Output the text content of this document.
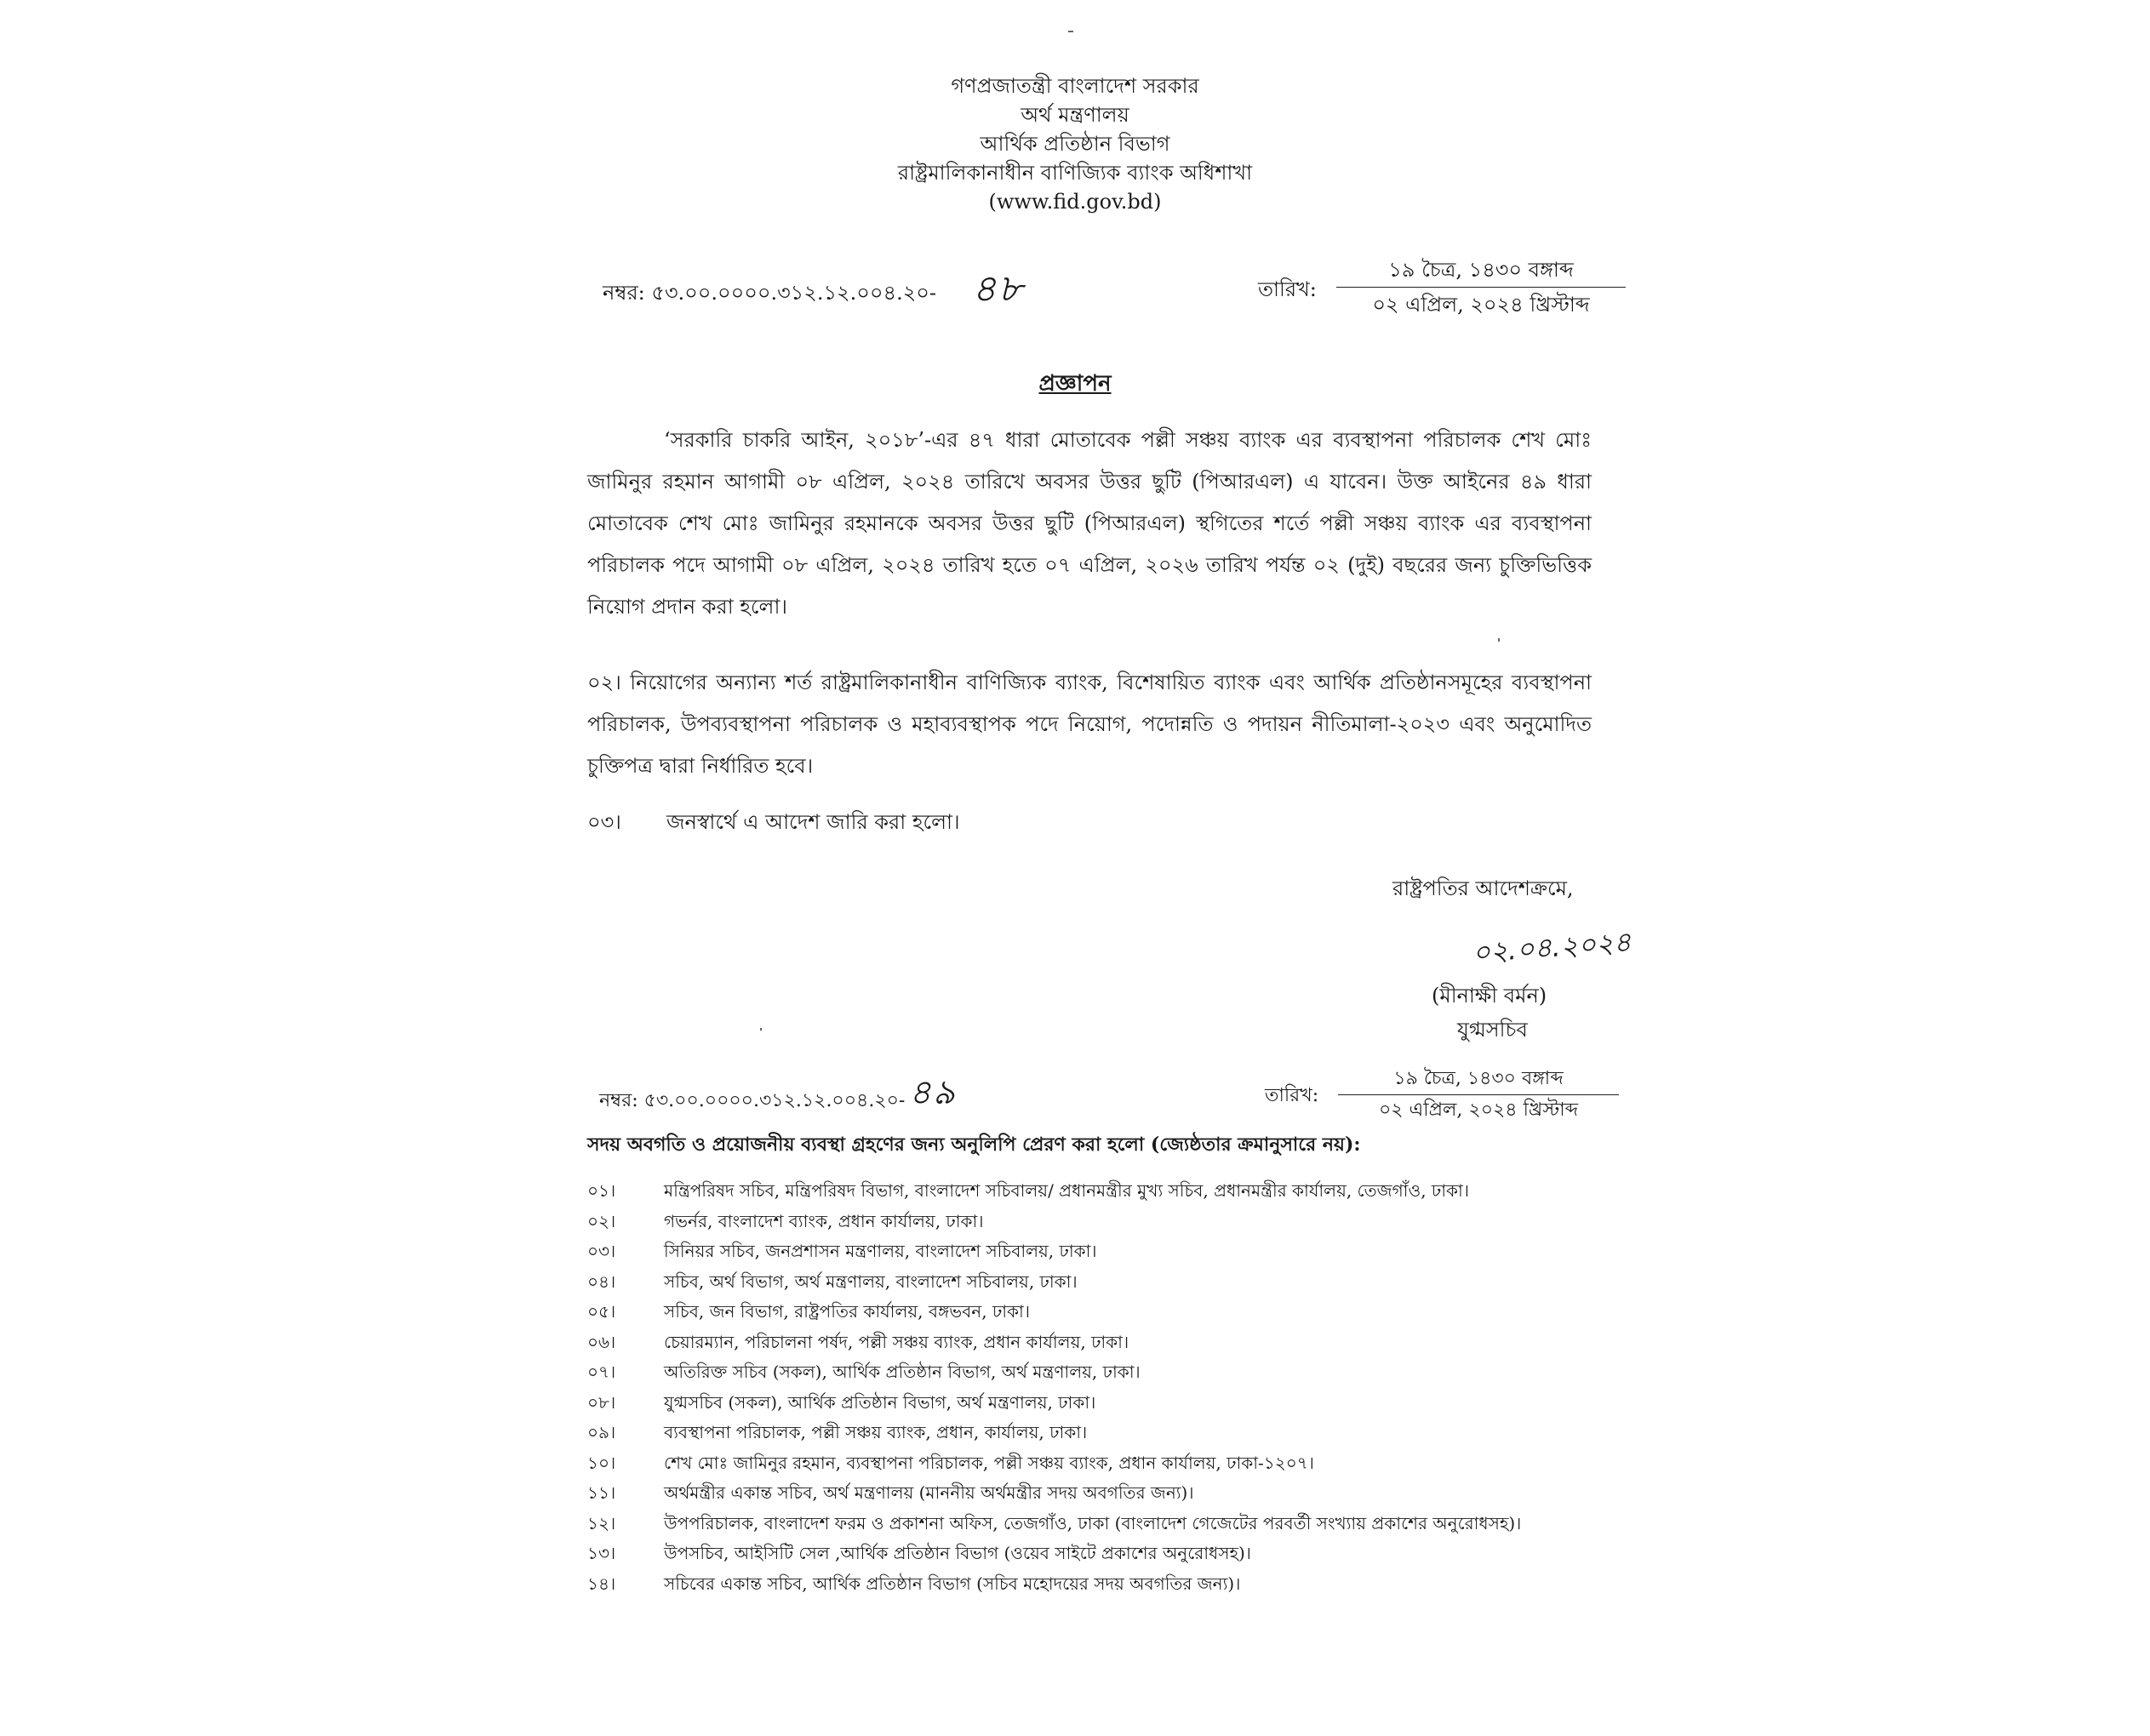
গণপ্রজাতন্ত্রী বাংলাদেশ সরকার
অর্থ মন্ত্রণালয়
আর্থিক প্রতিষ্ঠান বিভাগ
রাষ্ট্রমালিকানাধীন বাণিজ্যিক ব্যাংক অধিশাখা
(www.fid.gov.bd)
নম্বর: ৫৩.০০.০০০০.৩১২.১২.০০৪.২০- ৪৮	তারিখ:
১৯ চৈত্র, ১৪৩০ বঙ্গাব্দ
০২ এপ্রিল, ২০২৪ খ্রিস্টাব্দ
প্রজ্ঞাপন
‘সরকারি চাকরি আইন, ২০১৮’-এর ৪৭ ধারা মোতাবেক পল্লী সঞ্চয় ব্যাংক এর ব্যবস্থাপনা পরিচালক শেখ মোঃ জামিনুর রহমান আগামী ০৮ এপ্রিল, ২০২৪ তারিখে অবসর উত্তর ছুটি (পিআরএল) এ যাবেন। উক্ত আইনের ৪৯ ধারা মোতাবেক শেখ মোঃ জামিনুর রহমানকে অবসর উত্তর ছুটি (পিআরএল) স্থগিতের শর্তে পল্লী সঞ্চয় ব্যাংক এর ব্যবস্থাপনা পরিচালক পদে আগামী ০৮ এপ্রিল, ২০২৪ তারিখ হতে ০৭ এপ্রিল, ২০২৬ তারিখ পর্যন্ত ০২ (দুই) বছরের জন্য চুক্তিভিত্তিক নিয়োগ প্রদান করা হলো।
০২। নিয়োগের অন্যান্য শর্ত রাষ্ট্রমালিকানাধীন বাণিজ্যিক ব্যাংক, বিশেষায়িত ব্যাংক এবং আর্থিক প্রতিষ্ঠানসমূহের ব্যবস্থাপনা পরিচালক, উপব্যবস্থাপনা পরিচালক ও মহাব্যবস্থাপক পদে নিয়োগ, পদোন্নতি ও পদায়ন নীতিমালা-২০২৩ এবং অনুমোদিত চুক্তিপত্র দ্বারা নির্ধারিত হবে।
০৩। জনস্বার্থে এ আদেশ জারি করা হলো।
রাষ্ট্রপতির আদেশক্রমে,
০২.০৪.২০২৪
(মীনাক্ষী বর্মন)
যুগ্মসচিব
নম্বর: ৫৩.০০.০০০০.৩১২.১২.০০৪.২০- ৪৯	তারিখ:
১৯ চৈত্র, ১৪৩০ বঙ্গাব্দ
০২ এপ্রিল, ২০২৪ খ্রিস্টাব্দ
সদয় অবগতি ও প্রয়োজনীয় ব্যবস্থা গ্রহণের জন্য অনুলিপি প্রেরণ করা হলো (জ্যেষ্ঠতার ক্রমানুসারে নয়):
০১।	মন্ত্রিপরিষদ সচিব, মন্ত্রিপরিষদ বিভাগ, বাংলাদেশ সচিবালয়/ প্রধানমন্ত্রীর মুখ্য সচিব, প্রধানমন্ত্রীর কার্যালয়, তেজগাঁও, ঢাকা।
০২।	গভর্নর, বাংলাদেশ ব্যাংক, প্রধান কার্যালয়, ঢাকা।
০৩।	সিনিয়র সচিব, জনপ্রশাসন মন্ত্রণালয়, বাংলাদেশ সচিবালয়, ঢাকা।
০৪।	সচিব, অর্থ বিভাগ, অর্থ মন্ত্রণালয়, বাংলাদেশ সচিবালয়, ঢাকা।
০৫।	সচিব, জন বিভাগ, রাষ্ট্রপতির কার্যালয়, বঙ্গভবন, ঢাকা।
০৬।	চেয়ারম্যান, পরিচালনা পর্ষদ, পল্লী সঞ্চয় ব্যাংক, প্রধান কার্যালয়, ঢাকা।
০৭।	অতিরিক্ত সচিব (সকল), আর্থিক প্রতিষ্ঠান বিভাগ, অর্থ মন্ত্রণালয়, ঢাকা।
০৮।	যুগ্মসচিব (সকল), আর্থিক প্রতিষ্ঠান বিভাগ, অর্থ মন্ত্রণালয়, ঢাকা।
০৯।	ব্যবস্থাপনা পরিচালক, পল্লী সঞ্চয় ব্যাংক, প্রধান, কার্যালয়, ঢাকা।
১০।	শেখ মোঃ জামিনুর রহমান, ব্যবস্থাপনা পরিচালক, পল্লী সঞ্চয় ব্যাংক, প্রধান কার্যালয়, ঢাকা-১২০৭।
১১।	অর্থমন্ত্রীর একান্ত সচিব, অর্থ মন্ত্রণালয় (মাননীয় অর্থমন্ত্রীর সদয় অবগতির জন্য)।
১২।	উপপরিচালক, বাংলাদেশ ফরম ও প্রকাশনা অফিস, তেজগাঁও, ঢাকা (বাংলাদেশ গেজেটের পরবর্তী সংখ্যায় প্রকাশের অনুরোধসহ)।
১৩।	উপসচিব, আইসিটি সেল ,আর্থিক প্রতিষ্ঠান বিভাগ (ওয়েব সাইটে প্রকাশের অনুরোধসহ)।
১৪।	সচিবের একান্ত সচিব, আর্থিক প্রতিষ্ঠান বিভাগ (সচিব মহোদয়ের সদয় অবগতির জন্য)।
